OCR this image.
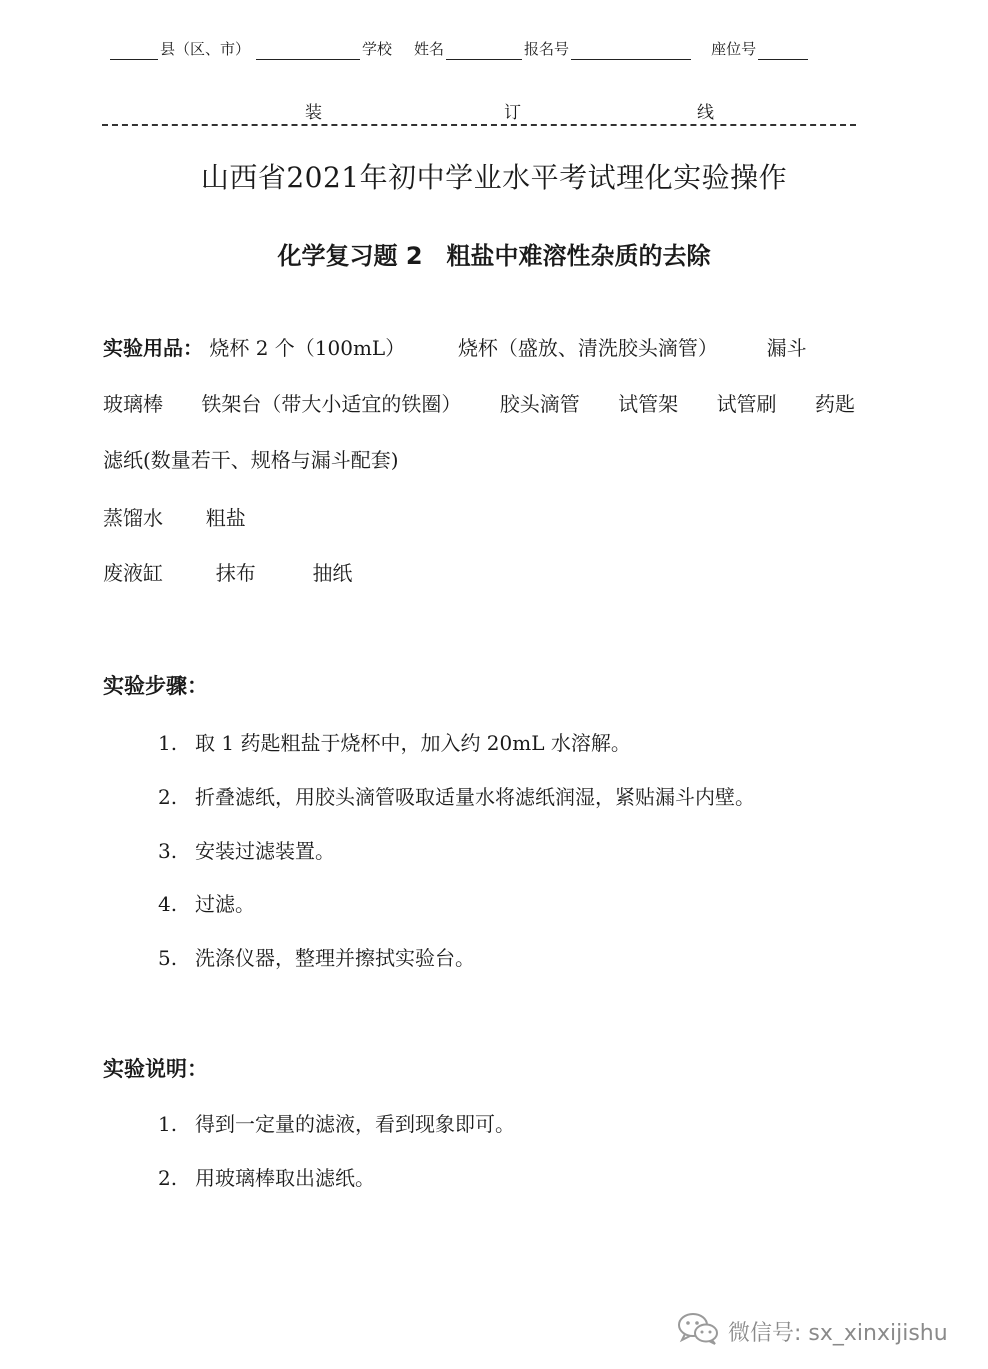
县（区、市）	学校 姓名	报名号	座位号
装	订	线
山西省2021年初中学业水平考试理化实验操作
化学复习题 2　粗盐中难溶性杂质的去除
实验用品： 烧杯 2 个（100mL）	烧杯（盛放、清洗胶头滴管） 漏斗
玻璃棒 铁架台（带大小适宜的铁圈） 胶头滴管 试管架 试管刷 药匙
滤纸(数量若干、规格与漏斗配套)
蒸馏水 粗盐
废液缸	抹布	抽纸
实验步骤：
1. 取 1 药匙粗盐于烧杯中，加入约 20mL 水溶解。
2. 折叠滤纸，用胶头滴管吸取适量水将滤纸润湿，紧贴漏斗内壁。
3. 安装过滤装置。
4. 过滤。
5. 洗涤仪器，整理并擦拭实验台。
实验说明：
1. 得到一定量的滤液，看到现象即可。
2. 用玻璃棒取出滤纸。
微信号: sx_xinxijishu
